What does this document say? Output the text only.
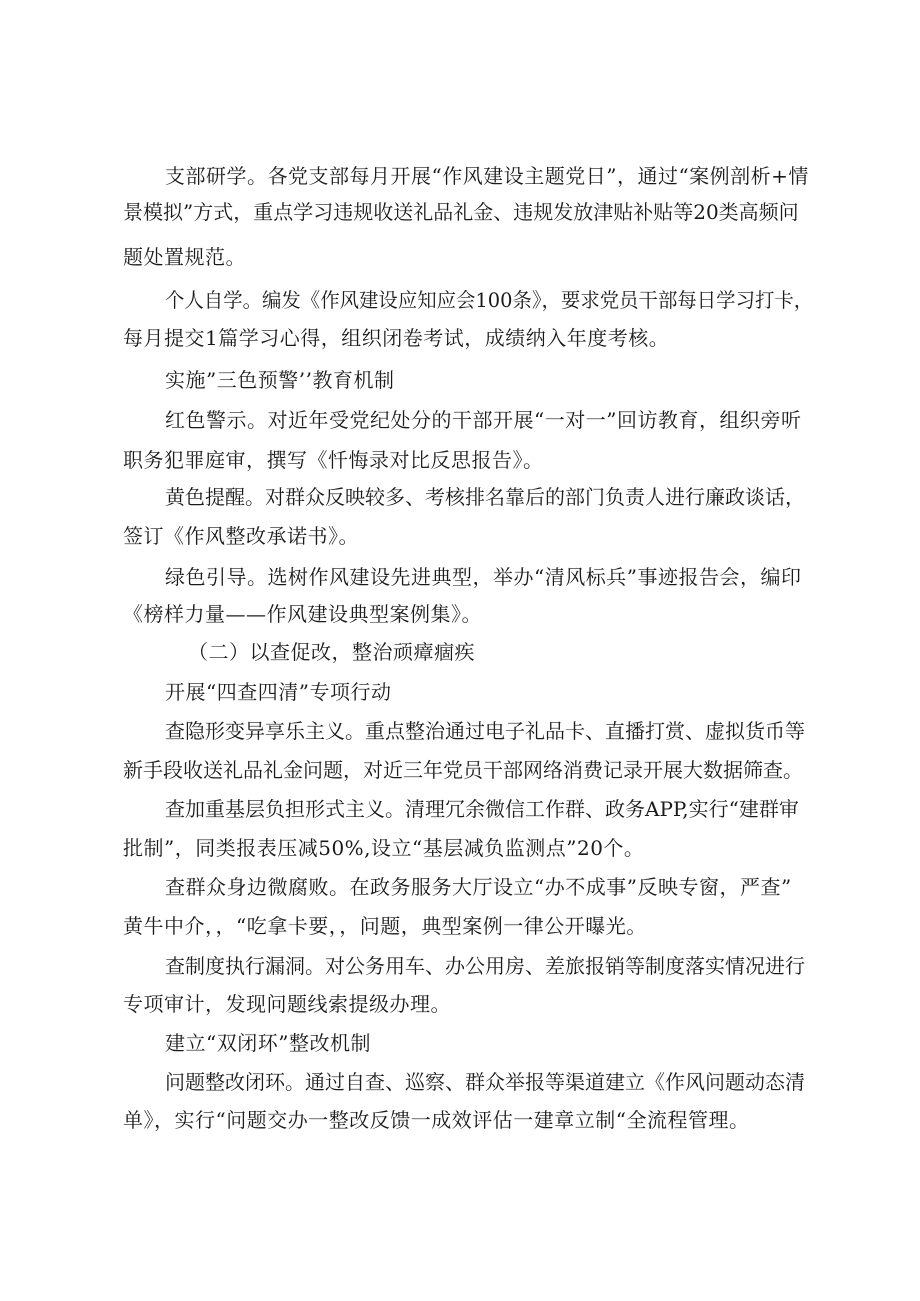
支部研学。各党支部每月开展“作风建设主题党日”，通过“案例剖析+情
景模拟”方式，重点学习违规收送礼品礼金、违规发放津贴补贴等20类高频问
题处置规范。
个人自学。编发《作风建设应知应会100条》，要求党员干部每日学习打卡，
每月提交1篇学习心得，组织闭卷考试，成绩纳入年度考核。
实施”三色预警’’教育机制
红色警示。对近年受党纪处分的干部开展“一对一”回访教育，组织旁听
职务犯罪庭审，撰写《忏悔录对比反思报告》。
黄色提醒。对群众反映较多、考核排名靠后的部门负责人进行廉政谈话，
签订《作风整改承诺书》。
绿色引导。选树作风建设先进典型，举办“清风标兵”事迹报告会，编印
《榜样力量——作风建设典型案例集》。
（二）以查促改，整治顽瘴痼疾
开展“四查四清”专项行动
查隐形变异享乐主义。重点整治通过电子礼品卡、直播打赏、虚拟货币等
新手段收送礼品礼金问题，对近三年党员干部网络消费记录开展大数据筛查。
查加重基层负担形式主义。清理冗余微信工作群、政务APP,实行“建群审
批制”，同类报表压减50%,设立“基层减负监测点”20个。
查群众身边微腐败。在政务服务大厅设立“办不成事”反映专窗，严查”
黄牛中介，，“吃拿卡要，，问题，典型案例一律公开曝光。
查制度执行漏洞。对公务用车、办公用房、差旅报销等制度落实情况进行
专项审计，发现问题线索提级办理。
建立“双闭环”整改机制
问题整改闭环。通过自查、巡察、群众举报等渠道建立《作风问题动态清
单》，实行“问题交办一整改反馈一成效评估一建章立制“全流程管理。
